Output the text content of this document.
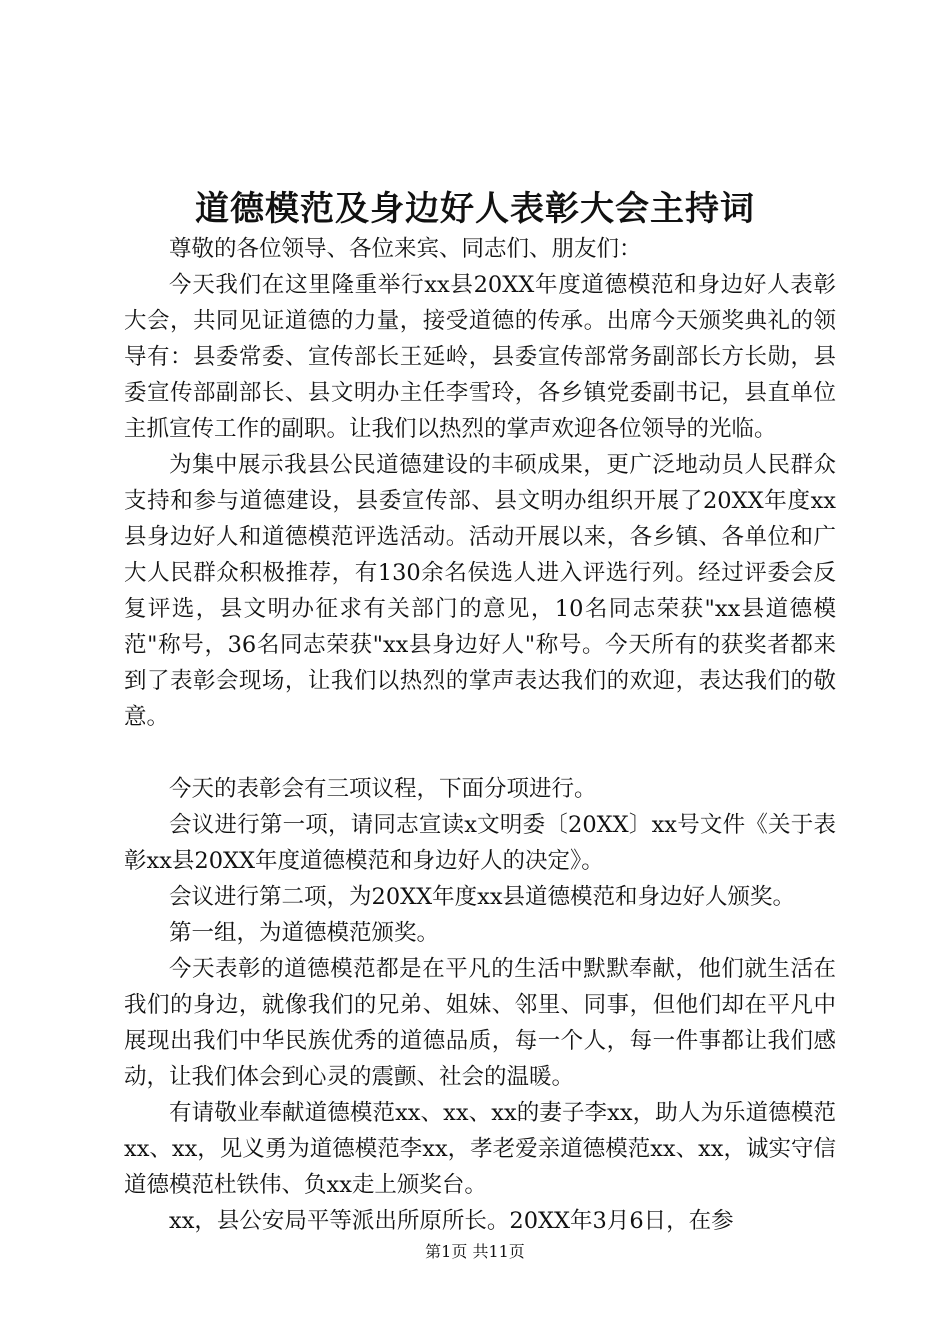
道德模范及身边好人表彰大会主持词

尊敬的各位领导、各位来宾、同志们、朋友们：

今天我们在这里隆重举行xx县20XX年度道德模范和身边好人表彰大会，共同见证道德的力量，接受道德的传承。出席今天颁奖典礼的领导有：县委常委、宣传部长王延岭，县委宣传部常务副部长方长勋，县委宣传部副部长、县文明办主任李雪玲，各乡镇党委副书记，县直单位主抓宣传工作的副职。让我们以热烈的掌声欢迎各位领导的光临。

为集中展示我县公民道德建设的丰硕成果，更广泛地动员人民群众支持和参与道德建设，县委宣传部、县文明办组织开展了20XX年度xx县身边好人和道德模范评选活动。活动开展以来，各乡镇、各单位和广大人民群众积极推荐，有130余名侯选人进入评选行列。经过评委会反复评选，县文明办征求有关部门的意见，10名同志荣获"xx县道德模范"称号，36名同志荣获"xx县身边好人"称号。今天所有的获奖者都来到了表彰会现场，让我们以热烈的掌声表达我们的欢迎，表达我们的敬意。

今天的表彰会有三项议程，下面分项进行。

会议进行第一项，请同志宣读x文明委〔20XX〕xx号文件《关于表彰xx县20XX年度道德模范和身边好人的决定》。

会议进行第二项，为20XX年度xx县道德模范和身边好人颁奖。

第一组，为道德模范颁奖。

今天表彰的道德模范都是在平凡的生活中默默奉献，他们就生活在我们的身边，就像我们的兄弟、姐妹、邻里、同事，但他们却在平凡中展现出我们中华民族优秀的道德品质，每一个人，每一件事都让我们感动，让我们体会到心灵的震颤、社会的温暖。

有请敬业奉献道德模范xx、xx、xx的妻子李xx，助人为乐道德模范xx、xx，见义勇为道德模范李xx，孝老爱亲道德模范xx、xx，诚实守信道德模范杜铁伟、负xx走上颁奖台。

xx，县公安局平等派出所原所长。20XX年3月6日，在参

第1页 共11页
